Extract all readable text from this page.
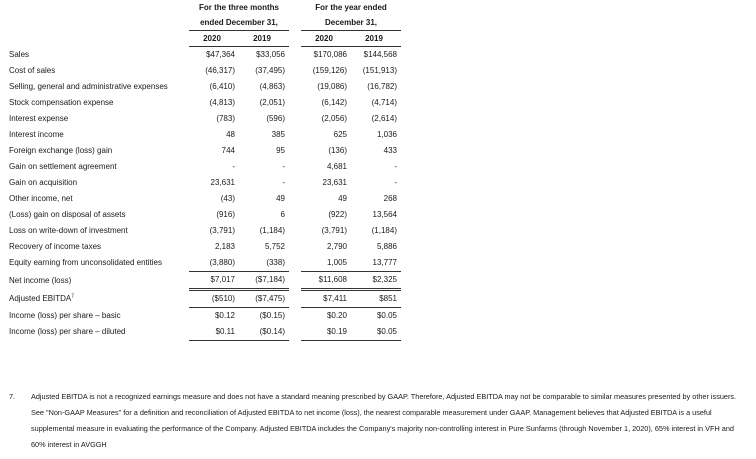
	For the three months			For the year ended	
	ended December 31,			December 31,	
	2020	2019		2020	2019
Sales	$47,364	$33,056		$170,086	$144,568
Cost of sales	(46,317)	(37,495)		(159,126)	(151,913)
Selling, general and administrative expenses	(6,410)	(4,863)		(19,086)	(16,782)
Stock compensation expense	(4,813)	(2,051)		(6,142)	(4,714)
Interest expense	(783)	(596)		(2,056)	(2,614)
Interest income	48	385		625	1,036
Foreign exchange (loss) gain	744	95		(136)	433
Gain on settlement agreement	-	-		4,681	-
Gain on acquisition	23,631	-		23,631	-
Other income, net	(43)	49		49	268
(Loss) gain on disposal of assets	(916)	6		(922)	13,564
Loss on write-down of investment	(3,791)	(1,184)		(3,791)	(1,184)
Recovery of income taxes	2,183	5,752		2,790	5,886
Equity earning from unconsolidated entities	(3,880)	(338)		1,005	13,777
Net income (loss)	$7,017	($7,184)		$11,608	$2,325
Adjusted EBITDA$^7$	($510)	($7,475)		$7,411	$851
Income (loss) per share – basic	$0.12	($0.15)		$0.20	$0.05
Income (loss) per share – diluted	$0.11	($0.14)		$0.19	$0.05
7. Adjusted EBITDA is not a recognized earnings measure and does not have a standard meaning prescribed by GAAP. Therefore, Adjusted EBITDA may not be comparable to similar measures presented by other issuers. See "Non-GAAP Measures" for a definition and reconciliation of Adjusted EBITDA to net income (loss), the nearest comparable measurement under GAAP. Management believes that Adjusted EBITDA is a useful supplemental measure in evaluating the performance of the Company. Adjusted EBITDA includes the Company's majority non-controlling interest in Pure Sunfarms (through November 1, 2020), 65% interest in VFH and 60% interest in AVGGH
